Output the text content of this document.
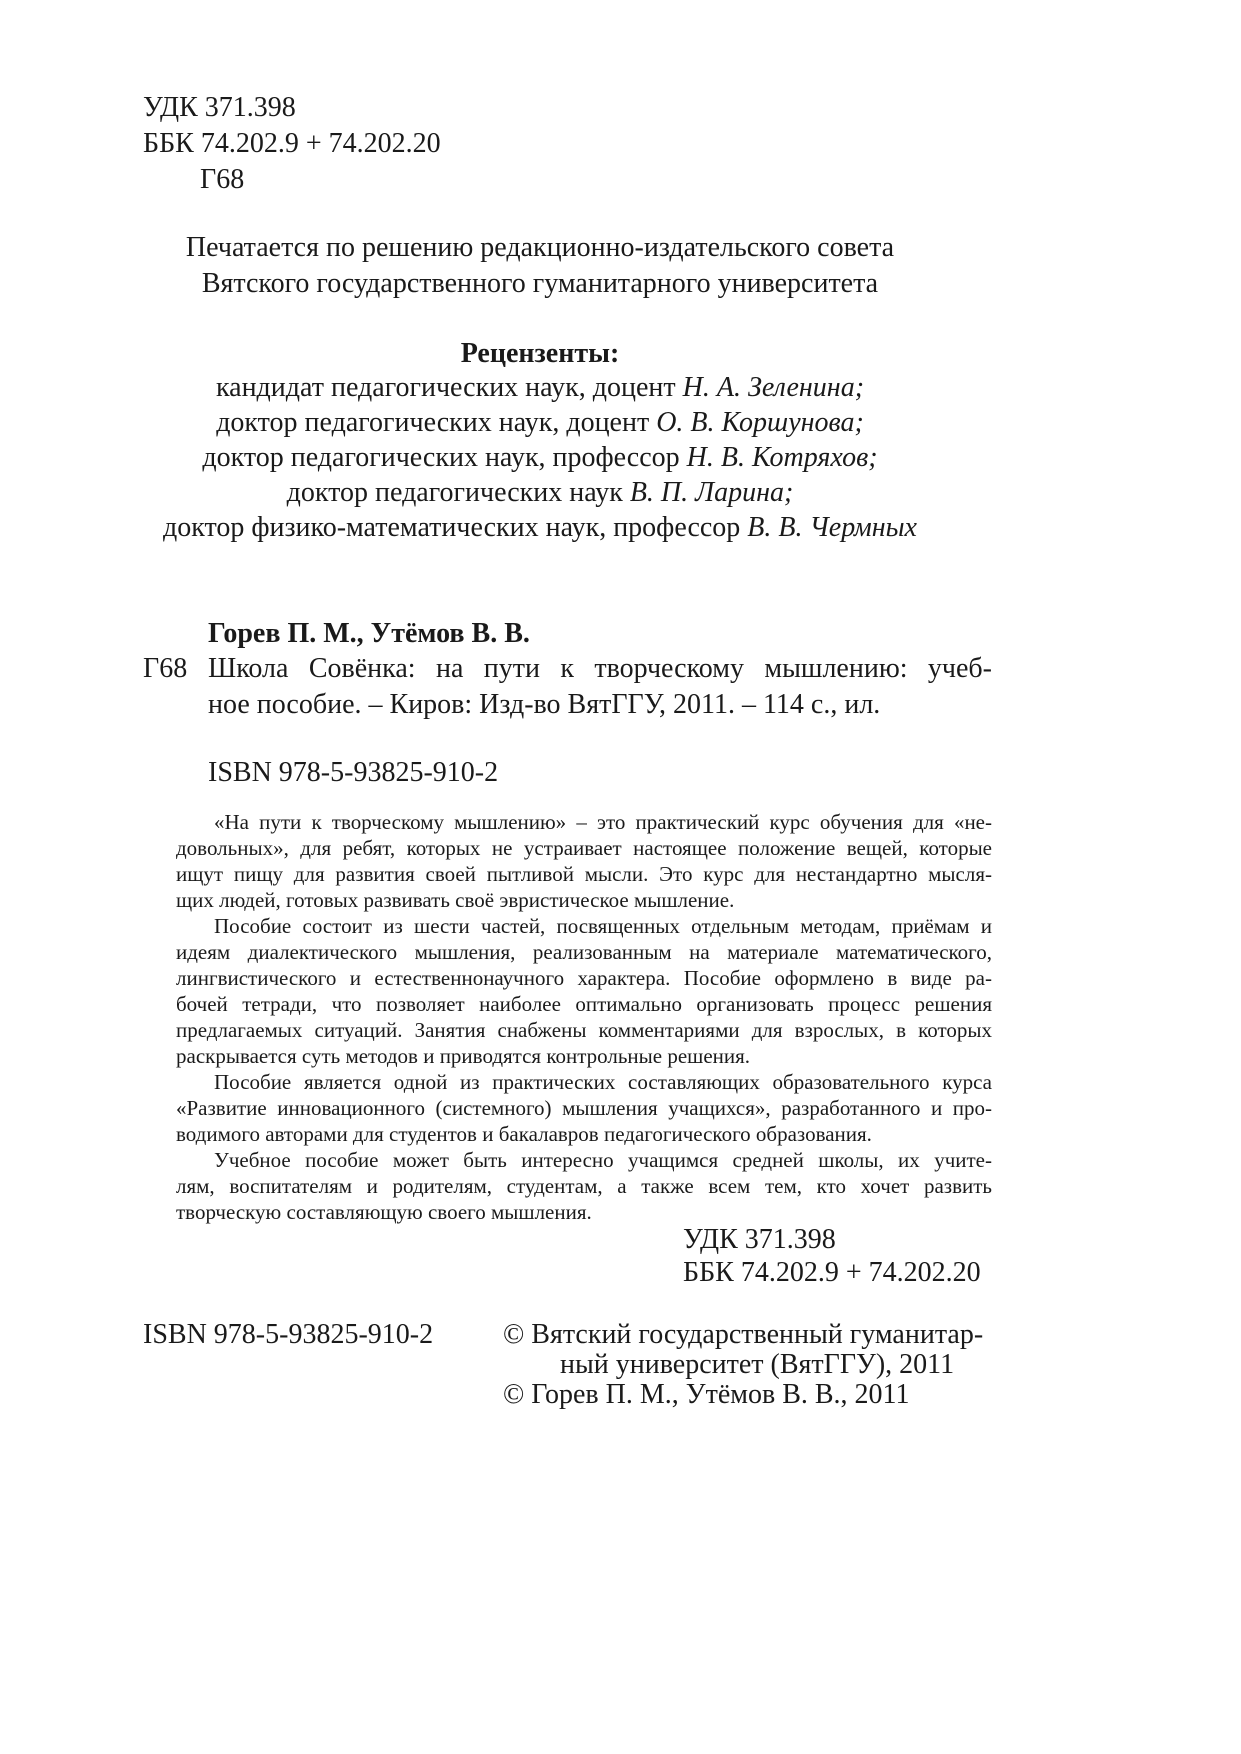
УДК 371.398
ББК 74.202.9 + 74.202.20
Г68
Печатается по решению редакционно-издательского совета
Вятского государственного гуманитарного университета
Рецензенты:
кандидат педагогических наук, доцент Н. А. Зеленина;
доктор педагогических наук, доцент О. В. Коршунова;
доктор педагогических наук, профессор Н. В. Котряхов;
доктор педагогических наук В. П. Ларина;
доктор физико-математических наук, профессор В. В. Чермных
Горев П. М., Утёмов В. В.
Г68 Школа Совёнка: на пути к творческому мышлению: учеб-
ное пособие. – Киров: Изд-во ВятГГУ, 2011. – 114 с., ил.
ISBN 978-5-93825-910-2
«На пути к творческому мышлению» – это практический курс обучения для «не-
довольных», для ребят, которых не устраивает настоящее положение вещей, которые
ищут пищу для развития своей пытливой мысли. Это курс для нестандартно мысля-
щих людей, готовых развивать своё эвристическое мышление.
Пособие состоит из шести частей, посвященных отдельным методам, приёмам и
идеям диалектического мышления, реализованным на материале математического,
лингвистического и естественнонаучного характера. Пособие оформлено в виде ра-
бочей тетради, что позволяет наиболее оптимально организовать процесс решения
предлагаемых ситуаций. Занятия снабжены комментариями для взрослых, в которых
раскрывается суть методов и приводятся контрольные решения.
Пособие является одной из практических составляющих образовательного курса
«Развитие инновационного (системного) мышления учащихся», разработанного и про-
водимого авторами для студентов и бакалавров педагогического образования.
Учебное пособие может быть интересно учащимся средней школы, их учите-
лям, воспитателям и родителям, студентам, а также всем тем, кто хочет развить
творческую составляющую своего мышления.
УДК 371.398
ББК 74.202.9 + 74.202.20
ISBN 978-5-93825-910-2 © Вятский государственный гуманитар-
ный университет (ВятГГУ), 2011
© Горев П. М., Утёмов В. В., 2011
